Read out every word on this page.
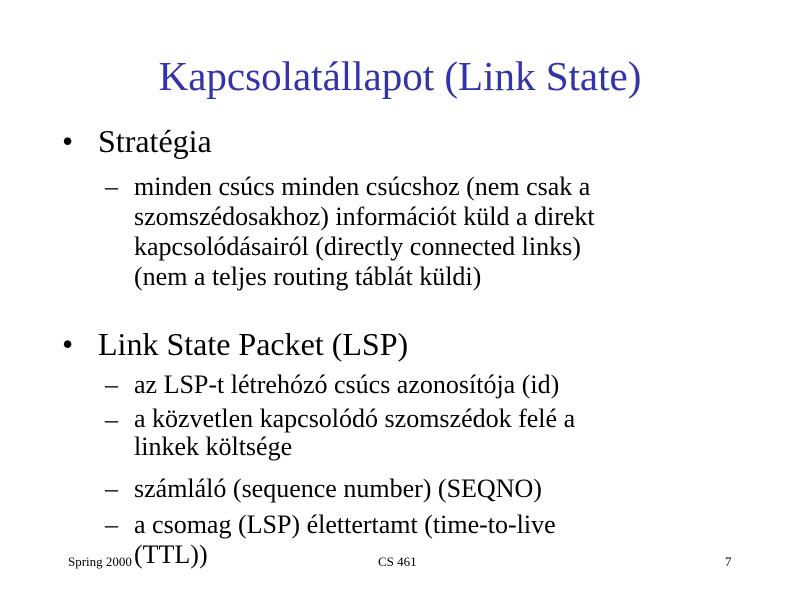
Kapcsolatállapot (Link State)
• Stratégia
– minden csúcs minden csúcshoz (nem csak a
szomszédosakhoz) információt küld a direkt
kapcsolódásairól (directly connected links)
(nem a teljes routing táblát küldi)
• Link State Packet (LSP)
– az LSP-t létrehózó csúcs azonosítója (id)
– a közvetlen kapcsolódó szomszédok felé a
linkek költsége
– számláló (sequence number) (SEQNO)
– a csomag (LSP) élettertamt (time-to-live
(TTL))
Spring 2000	CS 461	7
